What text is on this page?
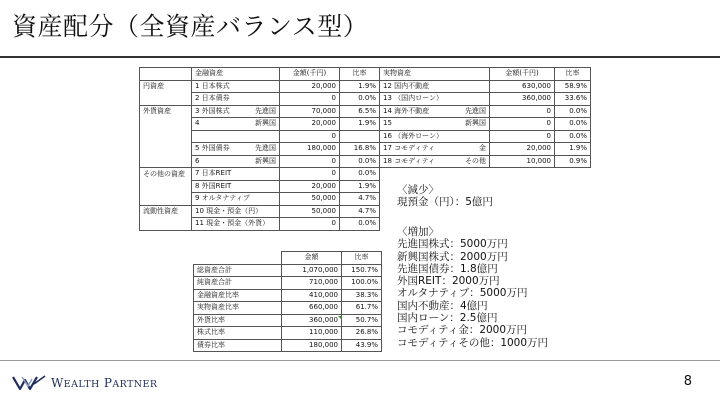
資産配分（全資産バランス型）
	金融資産	金額(千円)	比率	実物資産	金額(千円)	比率
円資産	1 日本株式	20,000	1.9%	12 国内不動産	630,000	58.9%

	2 日本債券	0	0.0%	13 （国内ローン）	360,000	33.6%
外貨資産	3 外国株式 先進国	70,000	6.5%	14 海外不動産 先進国	0	0.0%

	4 新興国	20,000	1.9%	15 新興国	0	0.0%

	0		16 （海外ローン）	0	0.0%

	5 外国債券 先進国	180,000	16.8%	17 コモディティ 金	20,000	1.9%

	6 新興国	0	0.0%	18 コモディティ その他	10,000	0.9%
その他の資産	7 日本REIT	0	0.0%			

	8 外国REIT	20,000	1.9%			

	9 オルタナティブ	50,000	4.7%			
流動性資産	10 現金・預金（円）	50,000	4.7%			

	11 現金・預金（外貨）	0	0.0%			
	金額	比率
総資産合計	1,070,000	150.7%
純資産合計	710,000	100.0%
金融資産比率	410,000	38.3%
実物資産比率	660,000	61.7%
外貨比率	360,000	50.7%
株式比率	110,000	26.8%
債券比率	180,000	43.9%
〈減少〉
現預金（円）：5億円
〈増加〉
先進国株式：5000万円
新興国株式：2000万円
先進国債券：1.8億円
外国REIT：2000万円
オルタナティブ：5000万円
国内不動産：4億円
国内ローン：2.5億円
コモディティ金：2000万円
コモディティその他：1000万円
WEALTH PARTNER	8
